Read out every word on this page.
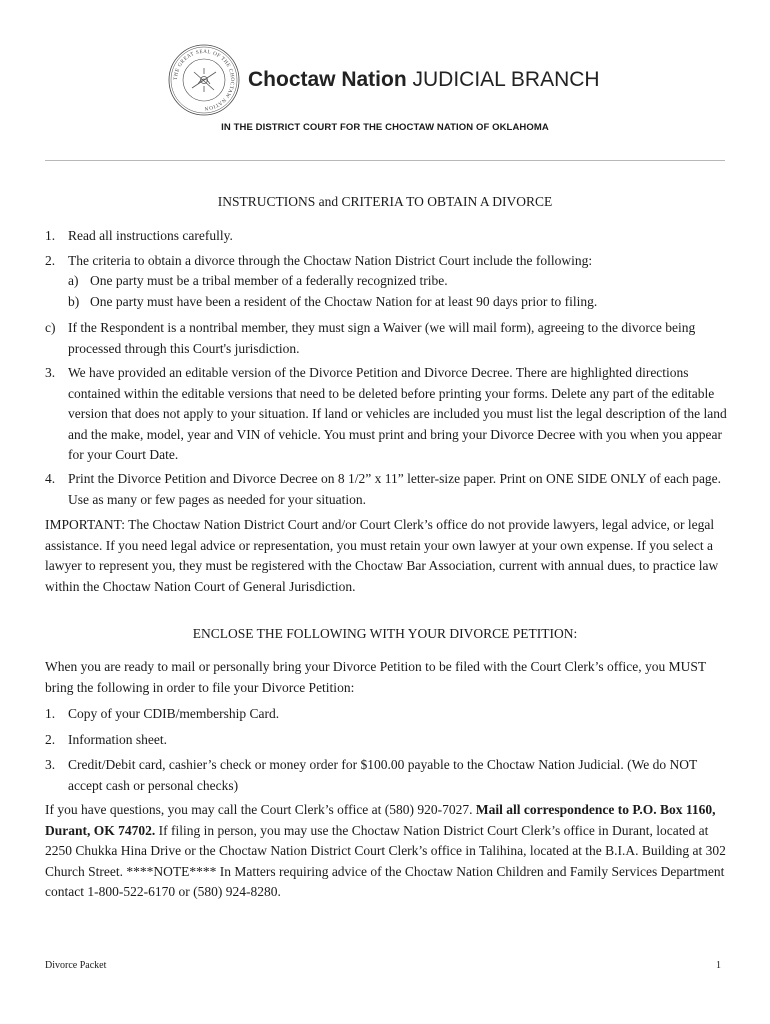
THE GREAT SEAL OF THE CHOCTAW NATION
Choctaw Nation JUDICIAL BRANCH
IN THE DISTRICT COURT FOR THE CHOCTAW NATION OF OKLAHOMA
INSTRUCTIONS and CRITERIA TO OBTAIN A DIVORCE
1. Read all instructions carefully.

2. The criteria to obtain a divorce through the Choctaw Nation District Court include the following:

a) One party must be a tribal member of a federally recognized tribe.

b) One party must have been a resident of the Choctaw Nation for at least 90 days prior to filing.

c) If the Respondent is a nontribal member, they must sign a Waiver (we will mail form), agreeing to the divorce being processed through this Court's jurisdiction.

3. We have provided an editable version of the Divorce Petition and Divorce Decree. There are highlighted directions contained within the editable versions that need to be deleted before printing your forms. Delete any part of the editable version that does not apply to your situation. If land or vehicles are included you must list the legal description of the land and the make, model, year and VIN of vehicle. You must print and bring your Divorce Decree with you when you appear for your Court Date.

4. Print the Divorce Petition and Divorce Decree on 8 1/2” x 11” letter-size paper. Print on ONE SIDE ONLY of each page. Use as many or few pages as needed for your situation.

IMPORTANT: The Choctaw Nation District Court and/or Court Clerk’s office do not provide lawyers, legal advice, or legal assistance. If you need legal advice or representation, you must retain your own lawyer at your own expense. If you select a lawyer to represent you, they must be registered with the Choctaw Bar Association, current with annual dues, to practice law within the Choctaw Nation Court of General Jurisdiction.

ENCLOSE THE FOLLOWING WITH YOUR DIVORCE PETITION:

When you are ready to mail or personally bring your Divorce Petition to be filed with the Court Clerk’s office, you MUST bring the following in order to file your Divorce Petition:

1. Copy of your CDIB/membership Card.

2. Information sheet.

3. Credit/Debit card, cashier’s check or money order for $100.00 payable to the Choctaw Nation Judicial. (We do NOT accept cash or personal checks)

If you have questions, you may call the Court Clerk’s office at (580) 920-7027. Mail all correspondence to P.O. Box 1160, Durant, OK 74702. If filing in person, you may use the Choctaw Nation District Court Clerk’s office in Durant, located at 2250 Chukka Hina Drive or the Choctaw Nation District Court Clerk’s office in Talihina, located at the B.I.A. Building at 302 Church Street. ****NOTE**** In Matters requiring advice of the Choctaw Nation Children and Family Services Department contact 1-800-522-6170 or (580) 924-8280.

Divorce Packet	1
